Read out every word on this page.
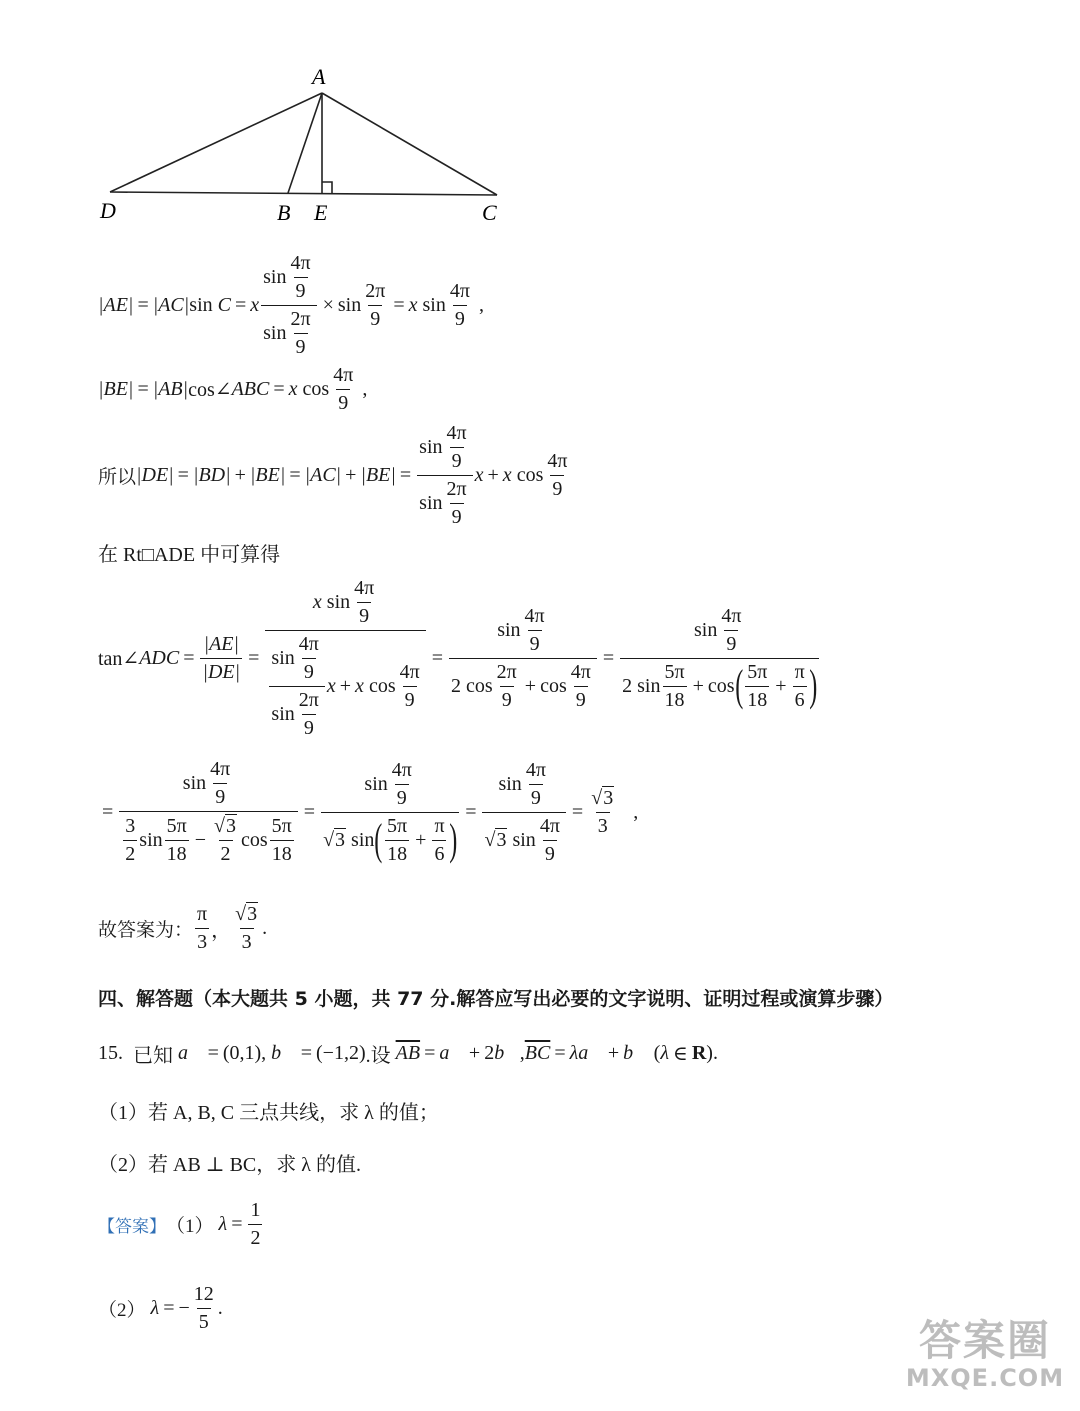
A
D	B E	C
|AE| = |AC| sin C = x $\frac{\sin \frac{4\pi}{9}}{\sin \frac{2\pi}{9}} \times \sin \frac{2\pi}{9} = x$ $\sin \frac{4\pi}{9}$ ,
|BE| = |AB| cos∠ ABC = x $\cos \frac{4\pi}{9}$ ,
所以 $|DE| = |BD| + |BE| = |AC| + |BE| = \frac{\sin \frac{4\pi}{9}}{\sin \frac{2\pi}{9}}$ x + x $\cos \frac{4\pi}{9}$
在 Rt□ADE 中可算得
tan∠ ADC = $\frac{|AE|}{|DE|} = \frac{x \sin \frac{4\pi}{9}}{\frac{\sin \frac{4\pi}{9}}{\sin \frac{2\pi}{9}} x + x \cos \frac{4\pi}{9}} = \frac{\sin \frac{4\pi}{9}}{2 \cos \frac{2\pi}{9} + \cos \frac{4\pi}{9}} = \frac{\sin \frac{4\pi}{9}}{2 \sin \frac{5\pi}{18} + \cos ( \frac{5\pi}{18} + \frac{\pi}{6} )}$
= $\frac{\sin \frac{4\pi}{9}}{\frac{3}{2} \sin \frac{5\pi}{18} - \frac{√ 3}{2} \cos \frac{5\pi}{18}} = \frac{\sin \frac{4\pi}{9}}{√ 3 \sin ( \frac{5\pi}{18} + \frac{\pi}{6} )} = \frac{\sin \frac{4\pi}{9}}{√ 3 \sin \frac{4\pi}{9}} = \frac{√ 3}{3}$ ,
故答案为： $\frac{\pi}{3}$ ， $\frac{√ 3}{3}$ .
四、解答题（本大题共 5 小题，共 77 分.解答应写出必要的文字说明、证明过程或演算步骤）
15. 已知
a⃗ = (0,1),
b⃗ = (−1,2) .设
$\overline{AB}$ = a⃗ + 2 b⃗ , $\overline{BC}$ = λa⃗ + b⃗ ( λ ∈ R ) .
（1）若 A, B, C 三点共线，求 λ 的值；
（2）若 AB ⊥ BC，求 λ 的值.
【答案】 （1）
$\lambda = \frac{1}{2}$
（2）
λ = − $\frac{12}{5}$ .
答案圈
MXQE.COM
